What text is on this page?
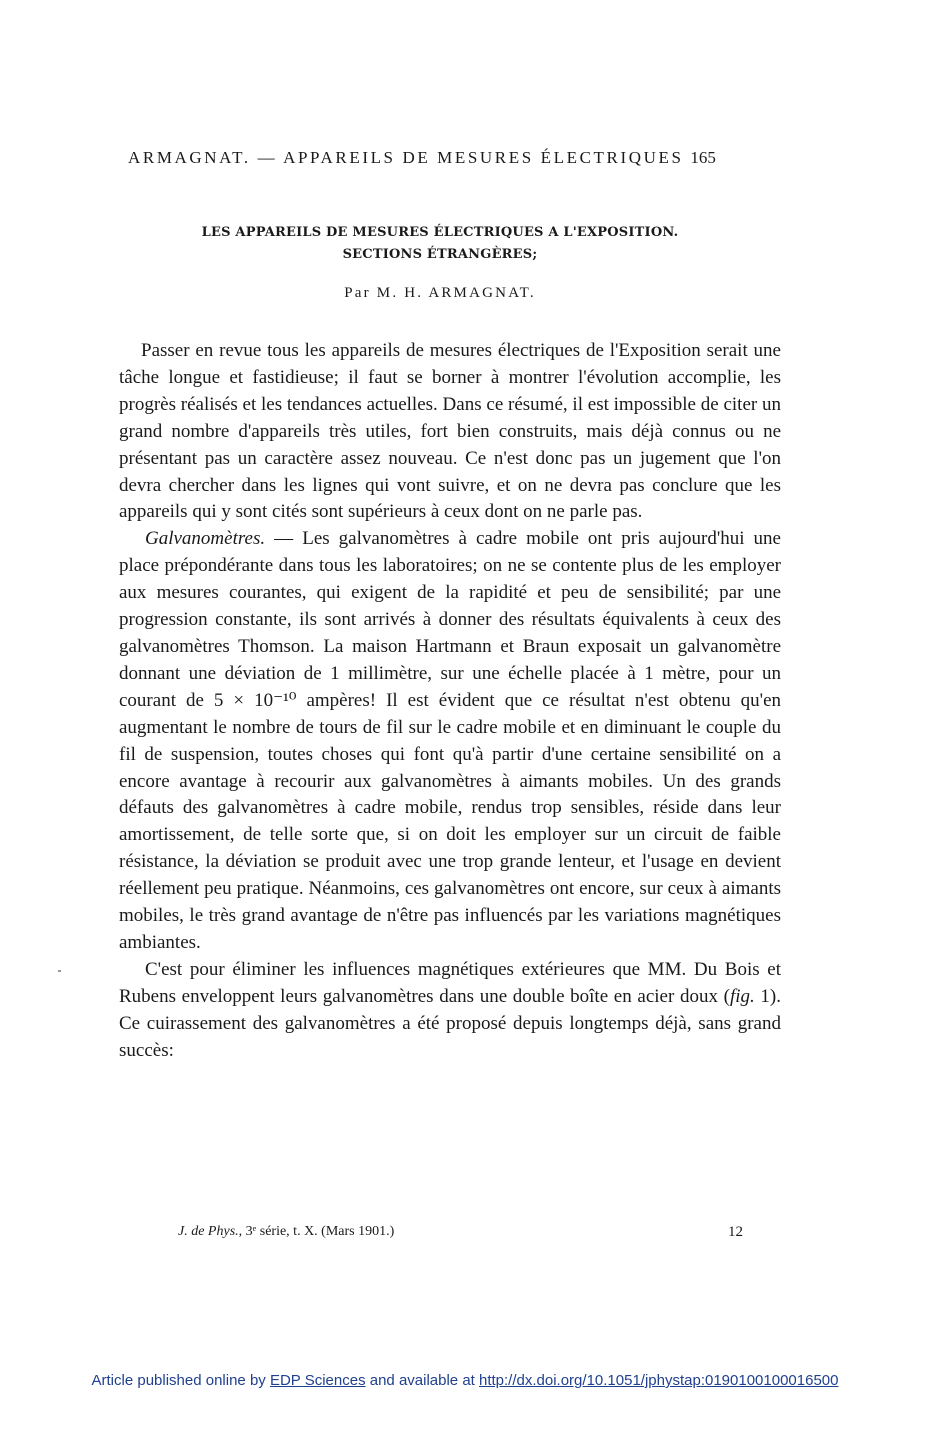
ARMAGNAT. — APPAREILS DE MESURES ÉLECTRIQUES 165
LES APPAREILS DE MESURES ÉLECTRIQUES A L'EXPOSITION.
SECTIONS ÉTRANGÈRES;
Par M. H. ARMAGNAT.

Passer en revue tous les appareils de mesures électriques de l'Exposition serait une tâche longue et fastidieuse; il faut se borner à montrer l'évolution accomplie, les progrès réalisés et les tendances actuelles. Dans ce résumé, il est impossible de citer un grand nombre d'appareils très utiles, fort bien construits, mais déjà connus ou ne présentant pas un caractère assez nouveau. Ce n'est donc pas un jugement que l'on devra chercher dans les lignes qui vont suivre, et on ne devra pas conclure que les appareils qui y sont cités sont supérieurs à ceux dont on ne parle pas.

Galvanomètres. — Les galvanomètres à cadre mobile ont pris aujourd'hui une place prépondérante dans tous les laboratoires; on ne se contente plus de les employer aux mesures courantes, qui exigent de la rapidité et peu de sensibilité; par une progression constante, ils sont arrivés à donner des résultats équivalents à ceux des galvanomètres Thomson. La maison Hartmann et Braun exposait un galvanomètre donnant une déviation de 1 millimètre, sur une échelle placée à 1 mètre, pour un courant de 5 × 10⁻¹⁰ ampères! Il est évident que ce résultat n'est obtenu qu'en augmentant le nombre de tours de fil sur le cadre mobile et en diminuant le couple du fil de suspension, toutes choses qui font qu'à partir d'une certaine sensibilité on a encore avantage à recourir aux galvanomètres à aimants mobiles. Un des grands défauts des galvanomètres à cadre mobile, rendus trop sensibles, réside dans leur amortissement, de telle sorte que, si on doit les employer sur un circuit de faible résistance, la déviation se produit avec une trop grande lenteur, et l'usage en devient réellement peu pratique. Néanmoins, ces galvanomètres ont encore, sur ceux à aimants mobiles, le très grand avantage de n'être pas influencés par les variations magnétiques ambiantes.

C'est pour éliminer les influences magnétiques extérieures que MM. Du Bois et Rubens enveloppent leurs galvanomètres dans une double boîte en acier doux (fig. 1). Ce cuirassement des galvanomètres a été proposé depuis longtemps déjà, sans grand succès:

J. de Phys., 3ᵉ série, t. X. (Mars 1901.)	12
Article published online by EDP Sciences and available at http://dx.doi.org/10.1051/jphystap:0190100100016500
